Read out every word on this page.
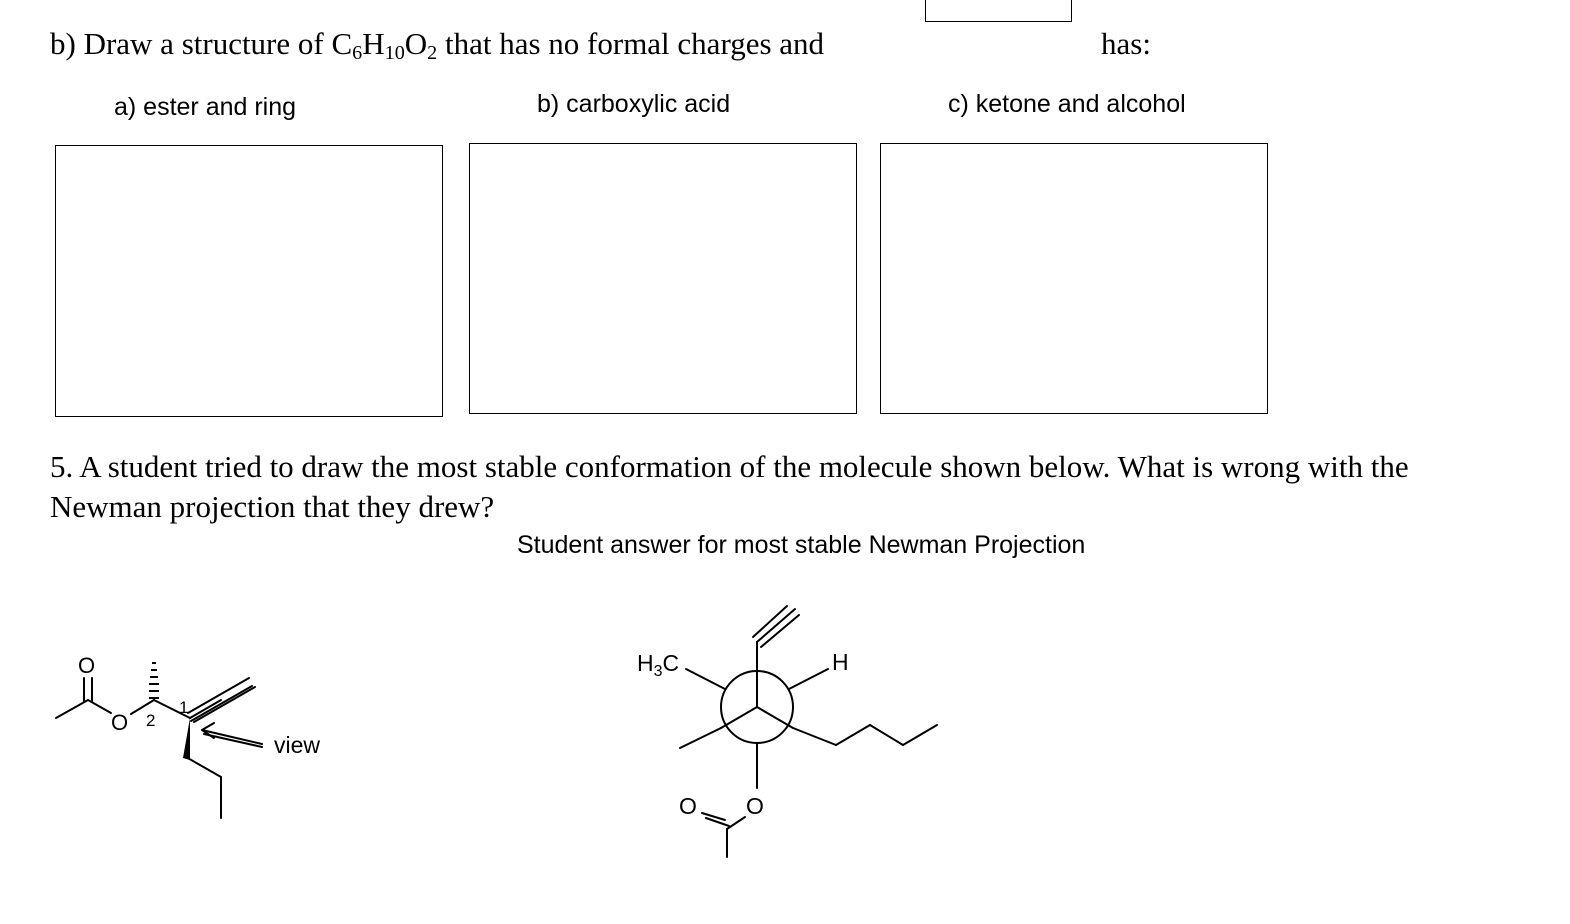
b) Draw a structure of $C_6H_{10}O_2$ that has no formal charges and	has:
a) ester and ring	b) carboxylic acid	c) ketone and alcohol
5. A student tried to draw the most stable conformation of the molecule shown below. What is wrong with the
Newman projection that they drew?
Student answer for most stable Newman Projection
O
O 2
1
view
$H_3C$	H
O O
